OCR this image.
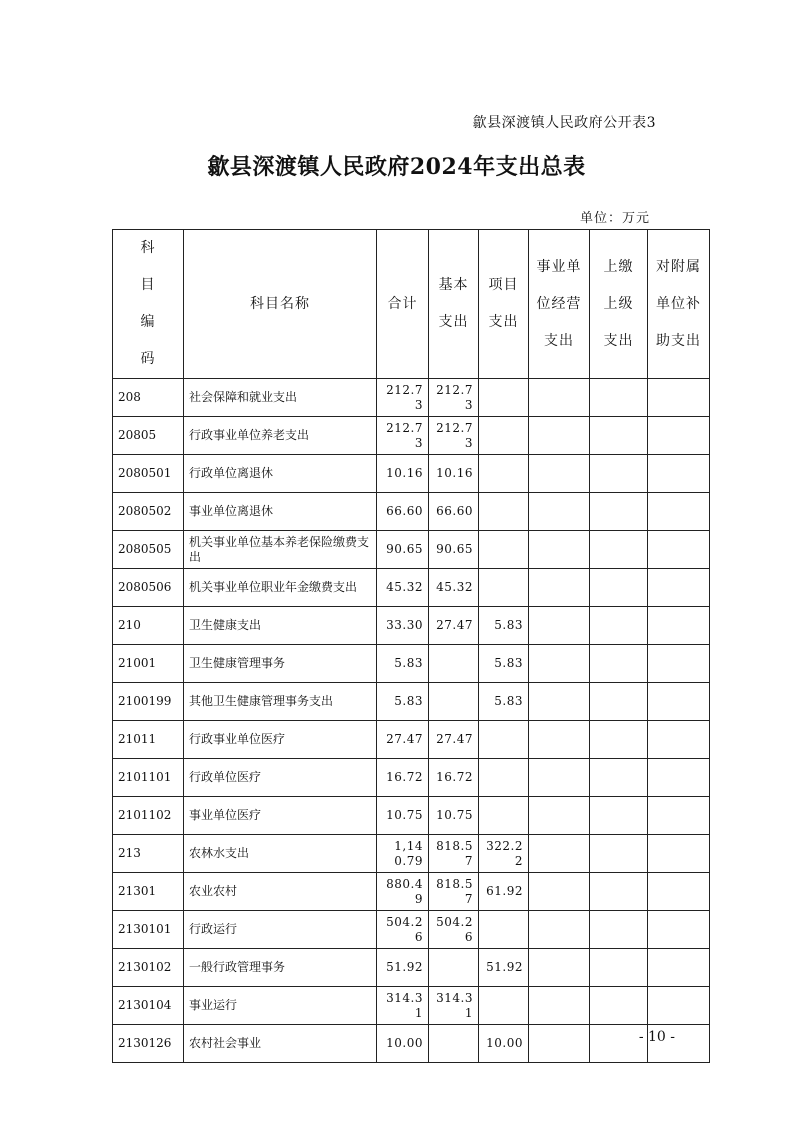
歙县深渡镇人民政府公开表3
歙县深渡镇人民政府2024年支出总表
单位：万元
科目编码	科目名称	合计	基本支出	项目支出	事业单位经营支出	上缴上级支出	对附属单位补助支出
208	社会保障和就业支出	212.73	212.73				
20805	行政事业单位养老支出	212.73	212.73				
2080501	行政单位离退休	10.16	10.16				
2080502	事业单位离退休	66.60	66.60				
2080505	机关事业单位基本养老保险缴费支出	90.65	90.65				
2080506	机关事业单位职业年金缴费支出	45.32	45.32				
210	卫生健康支出	33.30	27.47	5.83			
21001	卫生健康管理事务	5.83		5.83			
2100199	其他卫生健康管理事务支出	5.83		5.83			
21011	行政事业单位医疗	27.47	27.47				
2101101	行政单位医疗	16.72	16.72				
2101102	事业单位医疗	10.75	10.75				
213	农林水支出	1,140.79	818.57	322.22			
21301	农业农村	880.49	818.57	61.92			
2130101	行政运行	504.26	504.26				
2130102	一般行政管理事务	51.92		51.92			
2130104	事业运行	314.31	314.31				
2130126	农村社会事业	10.00		10.00				- 10 -
